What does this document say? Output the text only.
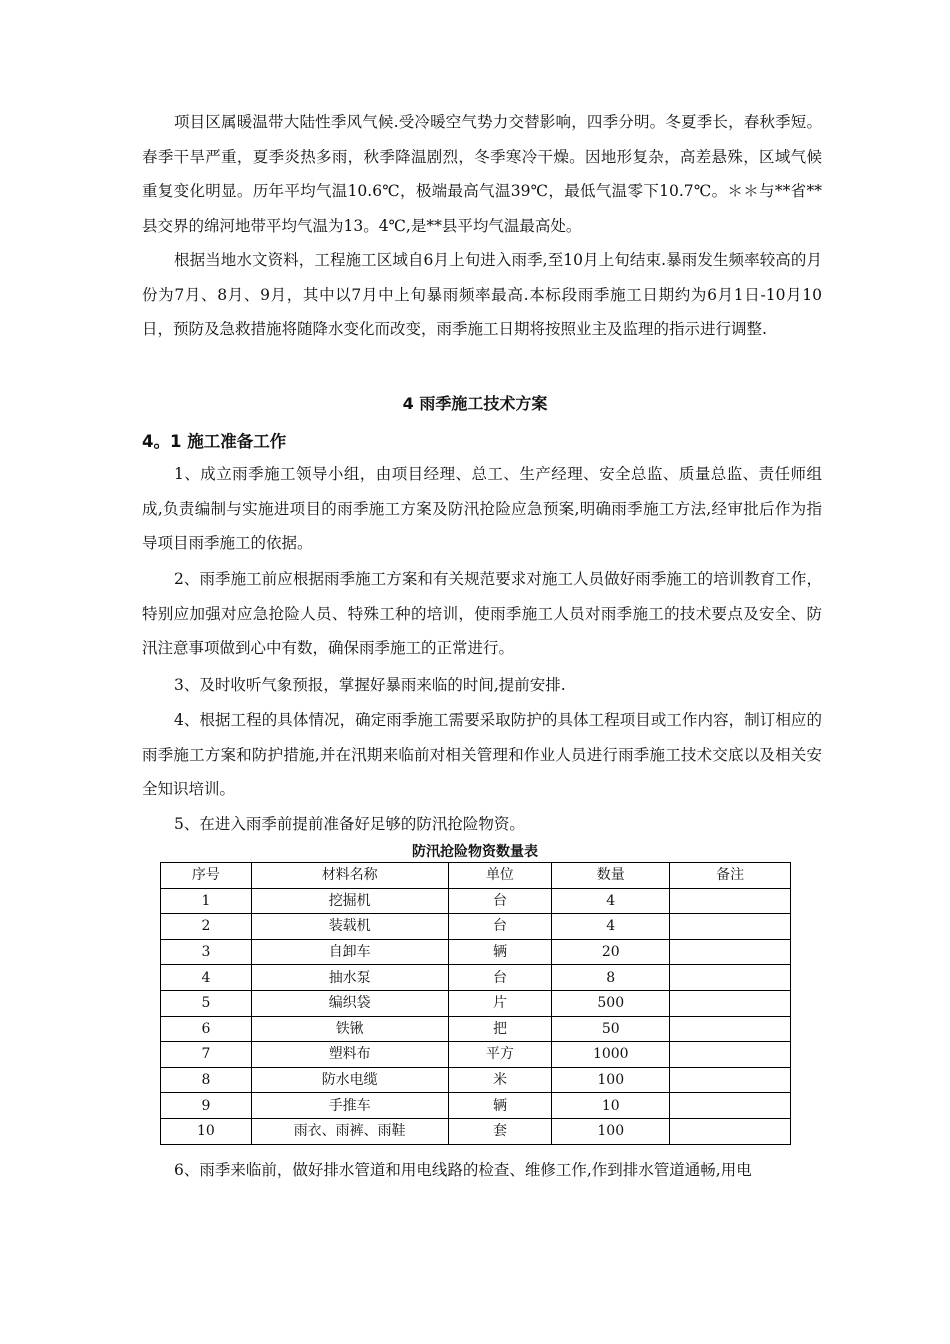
项目区属暖温带大陆性季风气候.受冷暖空气势力交替影响，四季分明。冬夏季长，春秋季短。春季干旱严重，夏季炎热多雨，秋季降温剧烈，冬季寒冷干燥。因地形复杂，高差悬殊，区域气候重复变化明显。历年平均气温10.6℃，极端最高气温39℃，最低气温零下10.7℃。＊＊与**省**县交界的绵河地带平均气温为13。4℃,是**县平均气温最高处。

根据当地水文资料，工程施工区域自6月上旬进入雨季,至10月上旬结束.暴雨发生频率较高的月份为7月、8月、9月，其中以7月中上旬暴雨频率最高.本标段雨季施工日期约为6月1日-10月10日，预防及急救措施将随降水变化而改变，雨季施工日期将按照业主及监理的指示进行调整.

4 雨季施工技术方案

4。1 施工准备工作

1、成立雨季施工领导小组，由项目经理、总工、生产经理、安全总监、质量总监、责任师组成,负责编制与实施进项目的雨季施工方案及防汛抢险应急预案,明确雨季施工方法,经审批后作为指导项目雨季施工的依据。

2、雨季施工前应根据雨季施工方案和有关规范要求对施工人员做好雨季施工的培训教育工作，特别应加强对应急抢险人员、特殊工种的培训，使雨季施工人员对雨季施工的技术要点及安全、防汛注意事项做到心中有数，确保雨季施工的正常进行。

3、及时收听气象预报，掌握好暴雨来临的时间,提前安排.

4、根据工程的具体情况，确定雨季施工需要采取防护的具体工程项目或工作内容，制订相应的雨季施工方案和防护措施,并在汛期来临前对相关管理和作业人员进行雨季施工技术交底以及相关安全知识培训。

5、在进入雨季前提前准备好足够的防汛抢险物资。

防汛抢险物资数量表

序号	材料名称	单位	数量	备注
1	挖掘机	台	4	
2	装载机	台	4	
3	自卸车	辆	20	
4	抽水泵	台	8	
5	编织袋	片	500	
6	铁锹	把	50	
7	塑料布	平方	1000	
8	防水电缆	米	100	
9	手推车	辆	10	
10	雨衣、雨裤、雨鞋	套	100	

6、雨季来临前，做好排水管道和用电线路的检查、维修工作,作到排水管道通畅,用电
